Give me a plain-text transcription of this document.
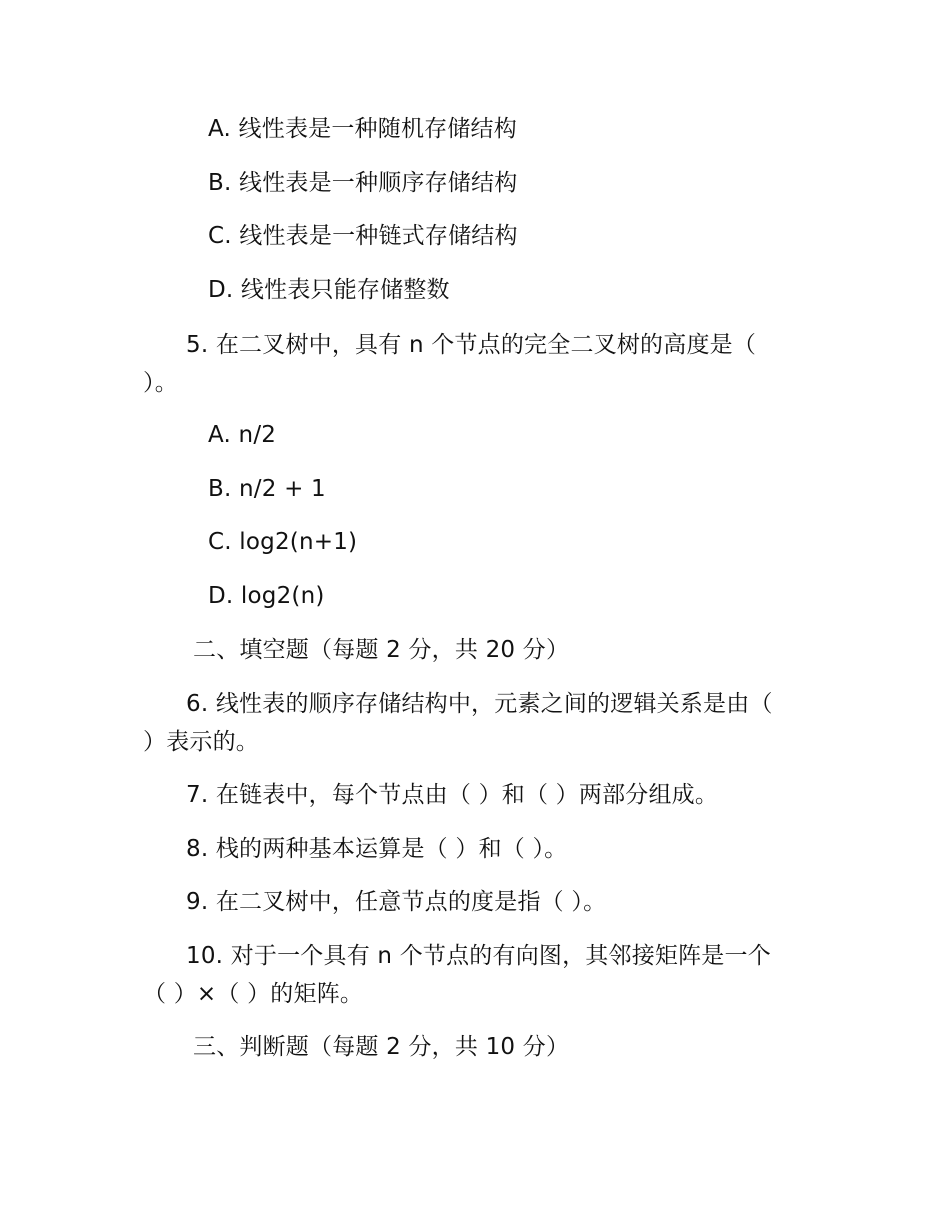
A. 线性表是一种随机存储结构
B. 线性表是一种顺序存储结构
C. 线性表是一种链式存储结构
D. 线性表只能存储整数
5. 在二叉树中，具有 n 个节点的完全二叉树的高度是（
）。
A. n/2
B. n/2 + 1
C. log2(n+1)
D. log2(n)
二、填空题（每题 2 分，共 20 分）
6. 线性表的顺序存储结构中，元素之间的逻辑关系是由（
）表示的。
7. 在链表中，每个节点由（ ）和（ ）两部分组成。
8. 栈的两种基本运算是（ ）和（ ）。
9. 在二叉树中，任意节点的度是指（ ）。
10. 对于一个具有 n 个节点的有向图，其邻接矩阵是一个
（ ）×（ ）的矩阵。
三、判断题（每题 2 分，共 10 分）
